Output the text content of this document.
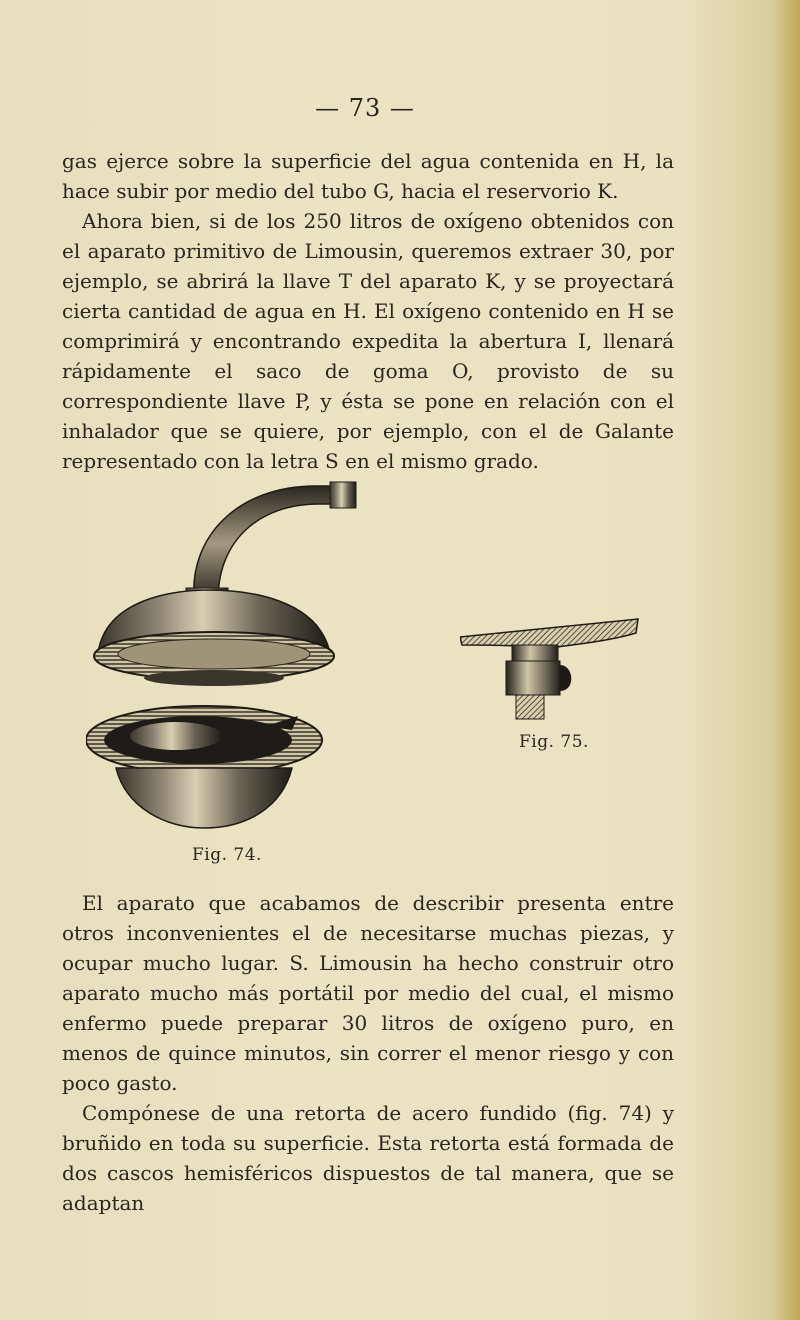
— 73 —

gas ejerce sobre la superficie del agua contenida en H, la hace subir por medio del tubo G, hacia el reservorio K.

Ahora bien, si de los 250 litros de oxígeno obtenidos con el aparato primitivo de Limousin, queremos extraer 30, por ejemplo, se abrirá la llave T del aparato K, y se proyectará cierta cantidad de agua en H. El oxígeno contenido en H se comprimirá y encontrando expedita la abertura I, llenará rápidamente el saco de goma O, provisto de su correspondiente llave P, y ésta se pone en relación con el inhalador que se quiere, por ejemplo, con el de Galante representado con la letra S en el mismo grado.

Fig. 74.
Fig. 75.

El aparato que acabamos de describir presenta entre otros inconvenientes el de necesitarse muchas piezas, y ocupar mucho lugar. S. Limousin ha hecho construir otro aparato mucho más portátil por medio del cual, el mismo enfermo puede preparar 30 litros de oxígeno puro, en menos de quince minutos, sin correr el menor riesgo y con poco gasto.

Compónese de una retorta de acero fundido (fig. 74) y bruñido en toda su superficie. Esta retorta está formada de dos cascos hemisféricos dispuestos de tal manera, que se adaptan
